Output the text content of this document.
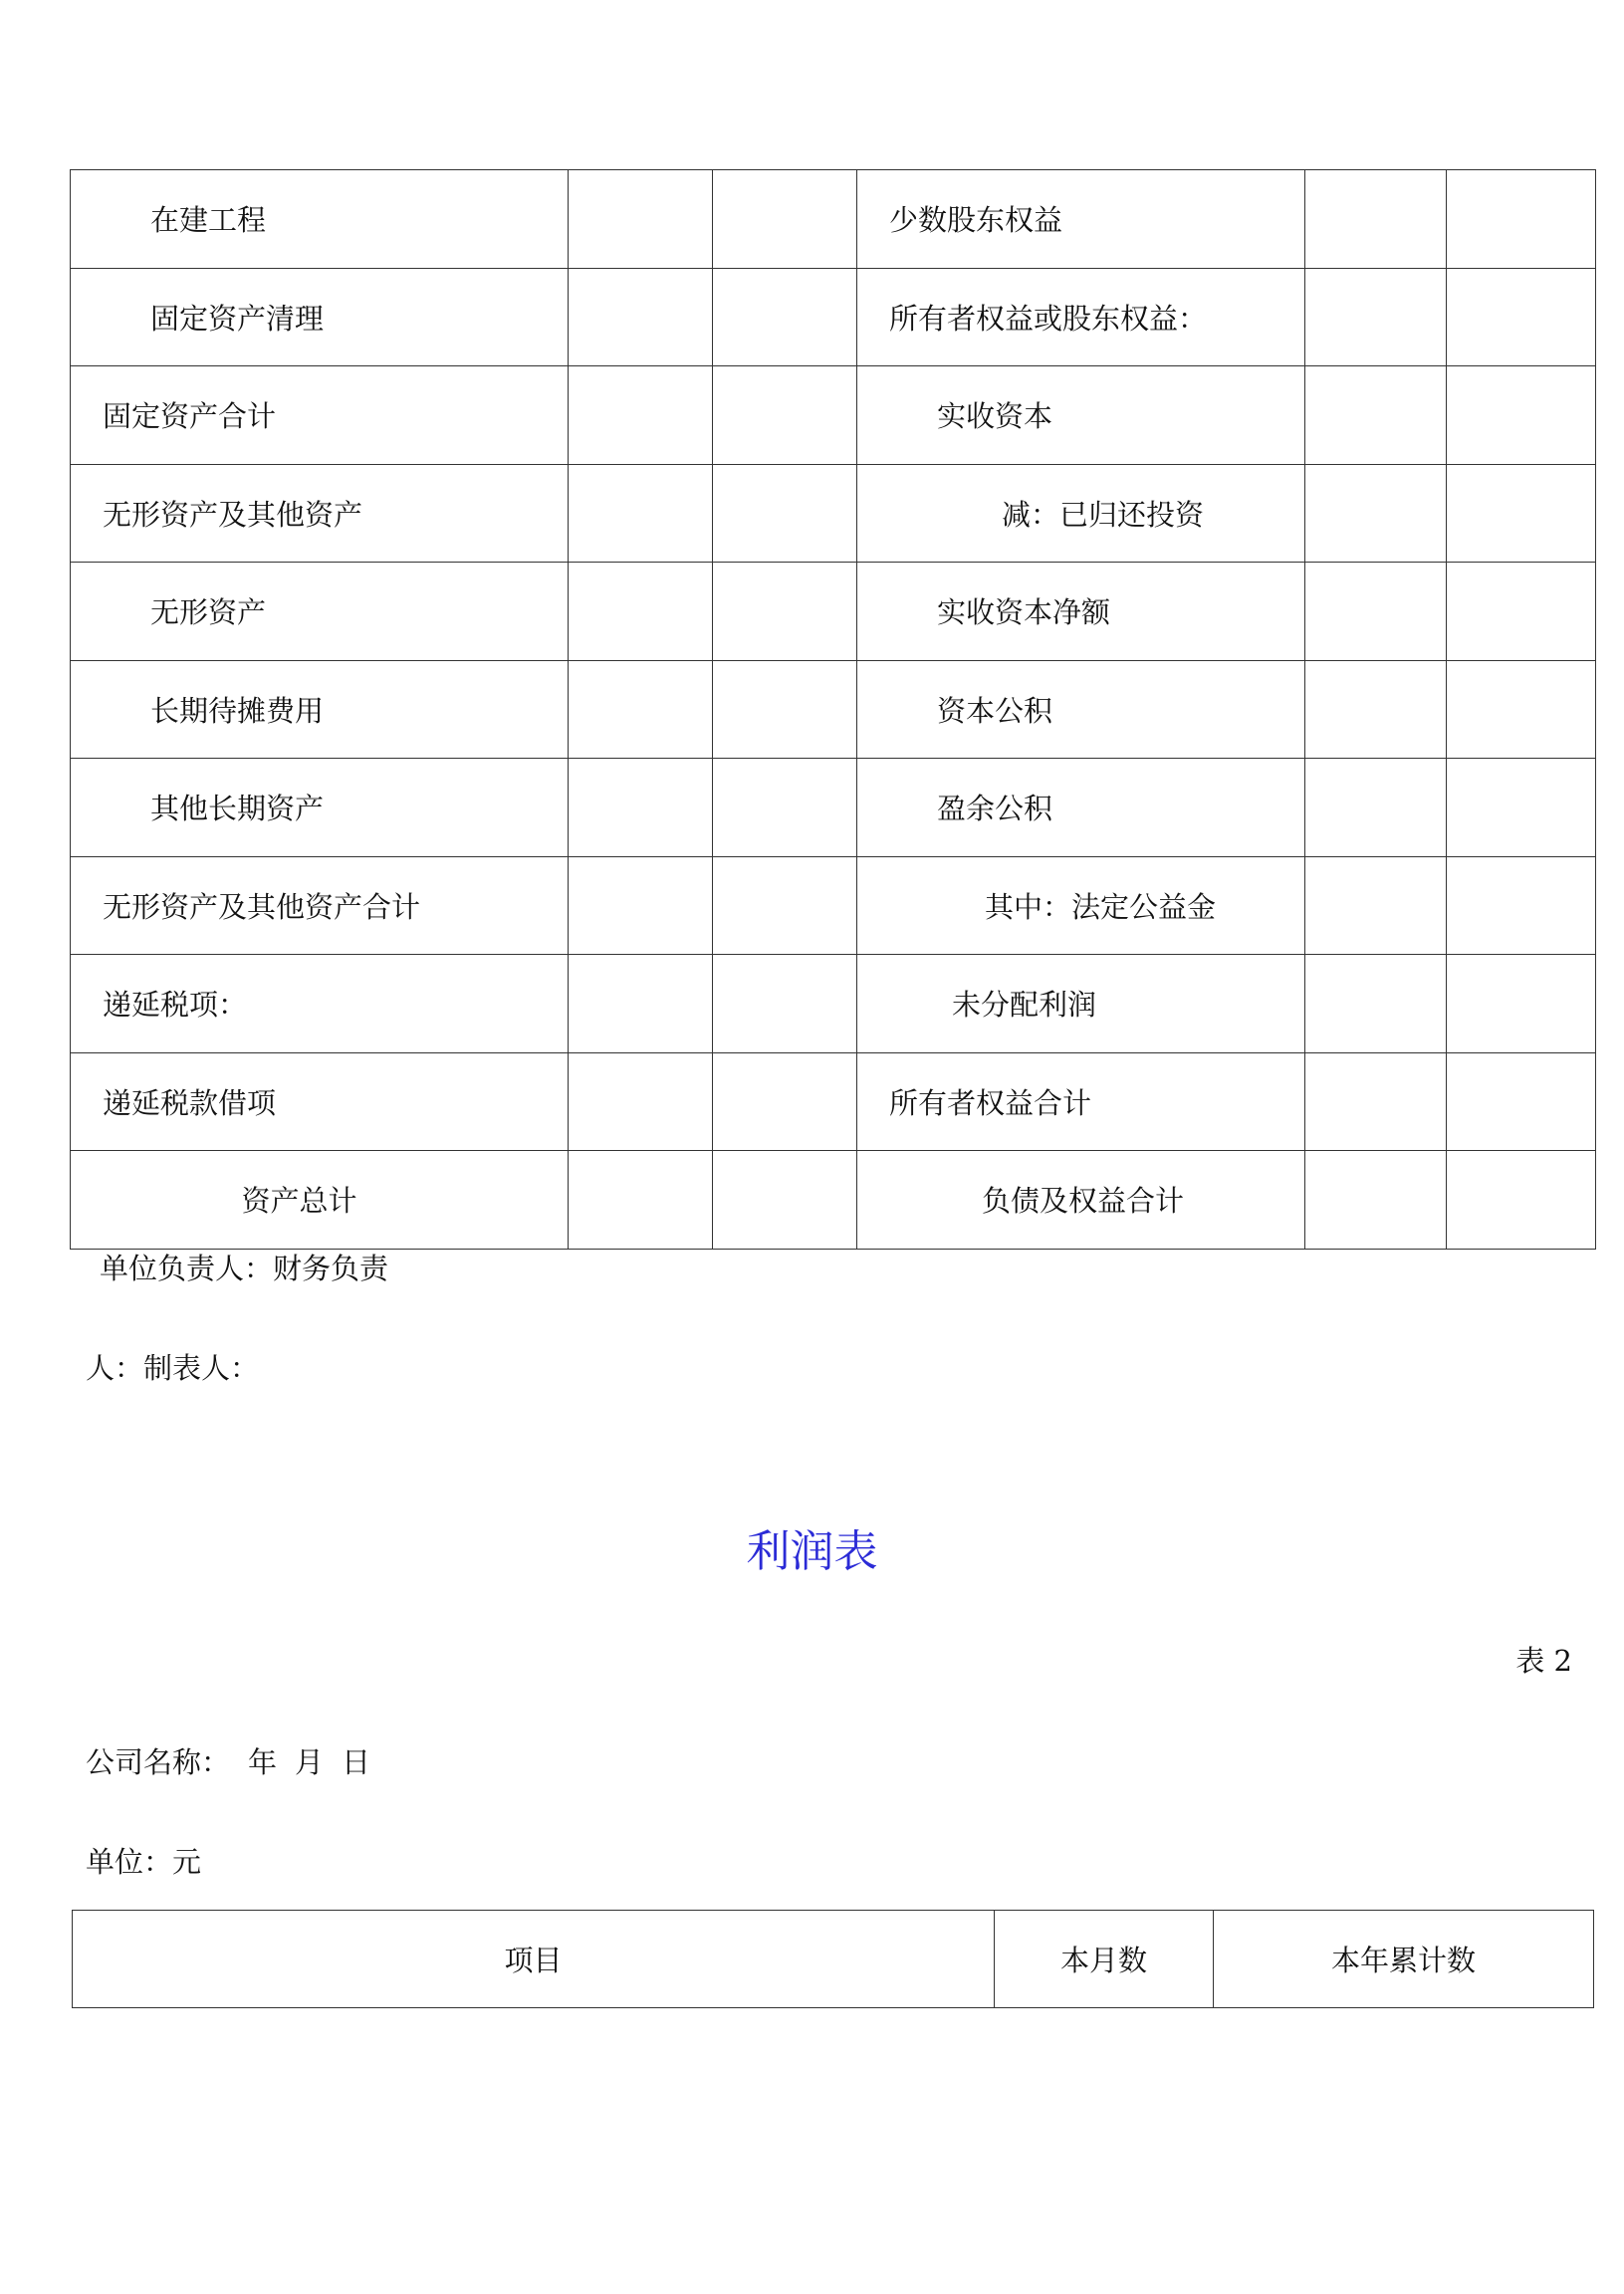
在建工程			少数股东权益		
固定资产清理			所有者权益或股东权益：		
固定资产合计			实收资本		
无形资产及其他资产			减：已归还投资		
无形资产			实收资本净额		
长期待摊费用			资本公积		
其他长期资产			盈余公积		
无形资产及其他资产合计			其中：法定公益金		
递延税项：			未分配利润		
递延税款借项			所有者权益合计		
资产总计			负债及权益合计		
单位负责人：财务负责
人：制表人：
利润表
表 2
公司名称： 年 月 日
单位：元
项目	本月数	本年累计数
